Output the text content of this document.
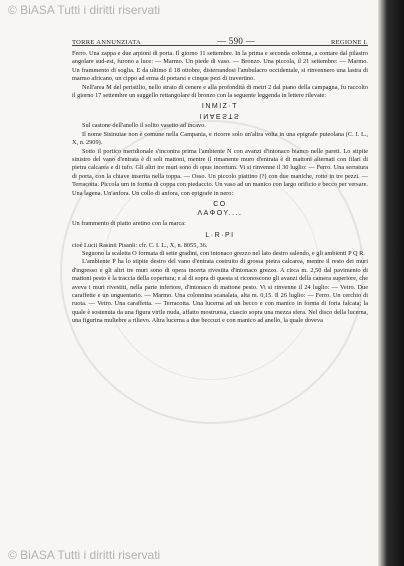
© BiASA Tutti i diritti riservati
TORRE ANNUNZIATA	— 590 —	REGIONE I.

Ferro. Una zappa e due arpioni di porta. Il giorno 11 settembre. In la prima e seconda colonna, a contare dal pilastro angolare sud-est, furono a luce: — Marmo. Un piede di vaso. — Bronzo. Una piccola, il 21 settembre: — Marmo. Un frammento di soglia. E da ultimo il 18 ottobre, disterrandosi l'ambulacro occidentale, si rinvennero una lastra di marmo africano, un cippo ad erma di portarsi e cinque pezi di travertino.

Nell'area M del peristilio, nello strato di cenere e alla profondità di metri 2 dal piano della campagna, fu raccolto il giorno 17 settembre un suggello rettangolare di bronzo con la seguente leggenda in lettere rilevate:

INMIZ·T
INAESTS

Sul castone dell'anello il solito vasetto ad incavo.

Il nome Sisinuiae non è comune nella Campania, e ricorre solo un'altra volta in una epigrafe puteolana (C. I. L., X, n. 2909).

Sotto il portico meridionale s'incontra prima l'ambiente N con avanzi d'intonaco bianco nelle pareti. Lo stipite sinistro del vano d'entrata è di soli mattoni, mentre il rimanente muro d'entrata è di mattoni alternati con filari di pietra calcarea e di tufo. Gli altri tre muri sono di opus incertum. Vi si rinvenne il 30 luglio: — Ferro. Una serratura di porta, con la chiave inserita nella toppa. — Osso. Un piccolo piattino (?) con due maniche, rotto in tre pezzi. — Terracotta. Piccola urn in forma di coppa con piedaccio. Un vaso ad un manico con largo orificio e becco per versare. Una lagena. Un'anfora. Un collo di anfora, con epigrafe in nero:

CO
ΛΑΦΟΥ....

Un frammento di piatto aretino con la marca:

L·R·PI

cioè Lucii Rasinii Pisanii: cfr. C. I. L., X, n. 8055, 36.

Seguono la scaletta O formata di sette gradini, con intonaco grezzo nel lato destro salendo, e gli ambienti P Q R.

L'ambiente P ha lo stipite destro del vano d'entrata costruito di grossa pietra calcarea, mentre il resto dei muri d'ingresso e gli altri tre muri sono di opera incerta rivestita d'intonaco grezzo. A circa m. 2,50 dal pavimento di mattoni pesto è la traccia della copertura; e al di sopra di questa si riconoscono gli avanzi della camera superiore, che aveva i muri rivestiti, nella parte inferiore, d'intonaco di mattone pesto. Vi si rinvenne il 24 luglio: — Vetro. Due caraffette e un unguentario. — Marmo. Una colonnina scanalata, alta m. 0,15. Il 26 luglio: — Ferro. Un cerchio di ruota. — Vetro. Una caraffetta. — Terracotta. Una lucerna ad un becco e con manico in forma di foria falcata; la quale è sostenuta da una figura virile nuda, affatto mostruosa, ciascio sopra una mezza sfera. Nel disco della lucerna, una figurina muliebre a rilievo. Altra lucerna a due beccuzi e con manico ad anello, la quale doveva

© BiASA Tutti i diritti riservati
